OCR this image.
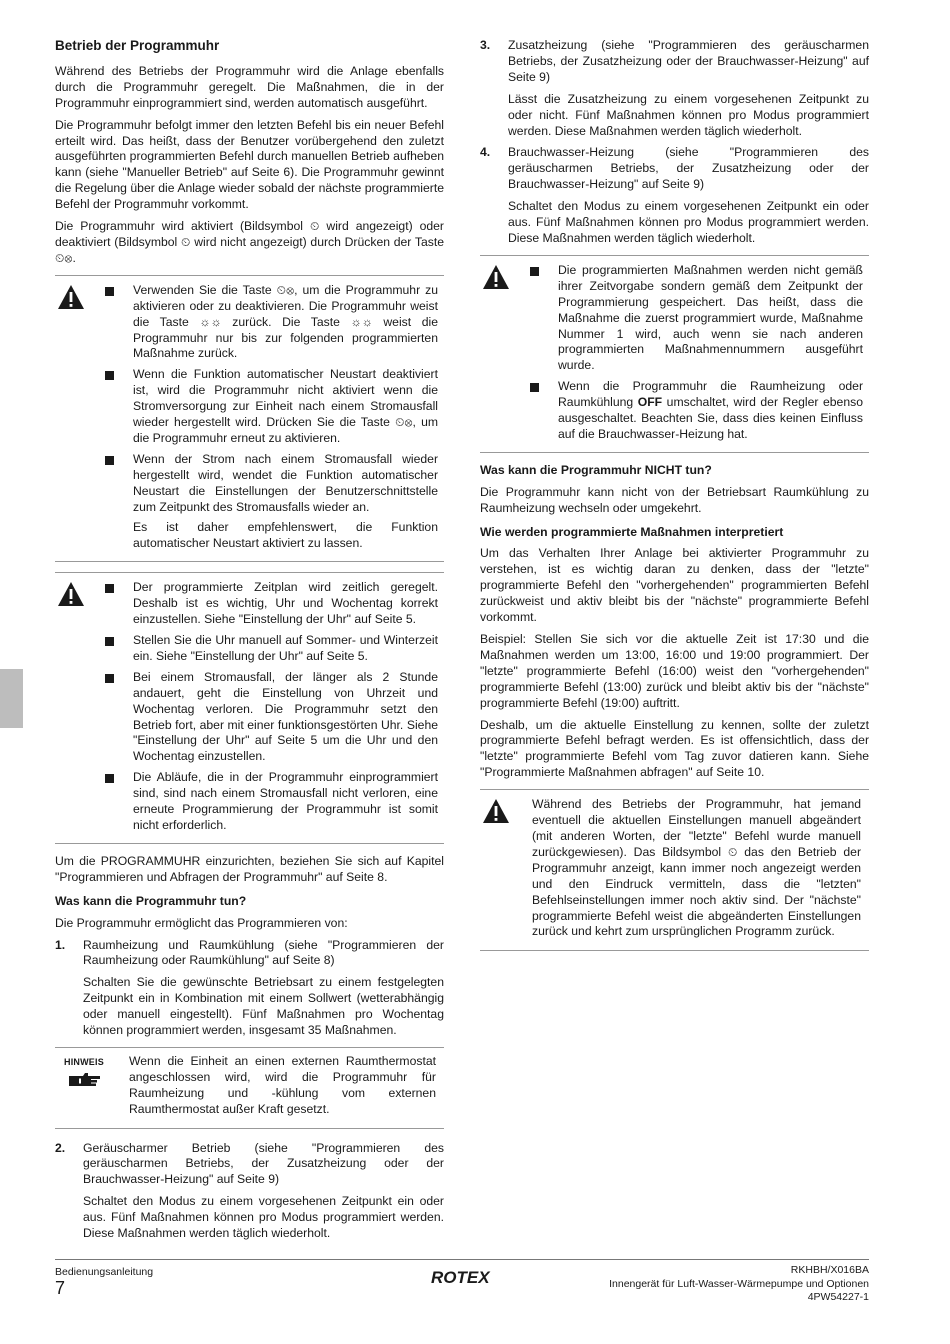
Betrieb der Programmuhr

Während des Betriebs der Programmuhr wird die Anlage ebenfalls durch die Programmuhr geregelt. Die Maßnahmen, die in der Programmuhr einprogrammiert sind, werden automatisch ausgeführt.

Die Programmuhr befolgt immer den letzten Befehl bis ein neuer Befehl erteilt wird. Das heißt, dass der Benutzer vorübergehend den zuletzt ausgeführten programmierten Befehl durch manuellen Betrieb aufheben kann (siehe "Manueller Betrieb" auf Seite 6). Die Programmuhr gewinnt die Regelung über die Anlage wieder sobald der nächste programmierte Befehl der Programmuhr vorkommt.

Die Programmuhr wird aktiviert (Bildsymbol ⏲ wird angezeigt) oder deaktiviert (Bildsymbol ⏲ wird nicht angezeigt) durch Drücken der Taste ⏲⊗.

Verwenden Sie die Taste ⏲⊗, um die Programmuhr zu aktivieren oder zu deaktivieren. Die Programmuhr weist die Taste ☼☼ zurück. Die Taste ☼☼ weist die Programmuhr nur bis zur folgenden programmierten Maßnahme zurück.

Wenn die Funktion automatischer Neustart deaktiviert ist, wird die Programmuhr nicht aktiviert wenn die Stromversorgung zur Einheit nach einem Stromausfall wieder hergestellt wird. Drücken Sie die Taste ⏲⊗, um die Programmuhr erneut zu aktivieren.

Wenn der Strom nach einem Stromausfall wieder hergestellt wird, wendet die Funktion automatischer Neustart die Einstellungen der Benutzerschnittstelle zum Zeitpunkt des Stromausfalls wieder an.

Es ist daher empfehlenswert, die Funktion automatischer Neustart aktiviert zu lassen.

Der programmierte Zeitplan wird zeitlich geregelt. Deshalb ist es wichtig, Uhr und Wochentag korrekt einzustellen. Siehe "Einstellung der Uhr" auf Seite 5.

Stellen Sie die Uhr manuell auf Sommer- und Winterzeit ein. Siehe "Einstellung der Uhr" auf Seite 5.

Bei einem Stromausfall, der länger als 2 Stunde andauert, geht die Einstellung von Uhrzeit und Wochentag verloren. Die Programmuhr setzt den Betrieb fort, aber mit einer funktionsgestörten Uhr. Siehe "Einstellung der Uhr" auf Seite 5 um die Uhr und den Wochentag einzustellen.

Die Abläufe, die in der Programmuhr einprogrammiert sind, sind nach einem Stromausfall nicht verloren, eine erneute Programmierung der Programmuhr ist somit nicht erforderlich.

Um die PROGRAMMUHR einzurichten, beziehen Sie sich auf Kapitel "Programmieren und Abfragen der Programmuhr" auf Seite 8.

Was kann die Programmuhr tun?

Die Programmuhr ermöglicht das Programmieren von:

1. Raumheizung und Raumkühlung (siehe "Programmieren der Raumheizung oder Raumkühlung" auf Seite 8)

Schalten Sie die gewünschte Betriebsart zu einem festgelegten Zeitpunkt ein in Kombination mit einem Sollwert (wetterabhängig oder manuell eingestellt). Fünf Maßnahmen pro Wochentag können programmiert werden, insgesamt 35 Maßnahmen.

HINWEIS Wenn die Einheit an einen externen Raumthermostat angeschlossen wird, wird die Programmuhr für Raumheizung und -kühlung vom externen Raumthermostat außer Kraft gesetzt.

2. Geräuscharmer Betrieb (siehe "Programmieren des geräuscharmen Betriebs, der Zusatzheizung oder der Brauchwasser-Heizung" auf Seite 9)

Schaltet den Modus zu einem vorgesehenen Zeitpunkt ein oder aus. Fünf Maßnahmen können pro Modus programmiert werden. Diese Maßnahmen werden täglich wiederholt.

3. Zusatzheizung (siehe "Programmieren des geräuscharmen Betriebs, der Zusatzheizung oder der Brauchwasser-Heizung" auf Seite 9)

Lässt die Zusatzheizung zu einem vorgesehenen Zeitpunkt zu oder nicht. Fünf Maßnahmen können pro Modus programmiert werden. Diese Maßnahmen werden täglich wiederholt.

4. Brauchwasser-Heizung (siehe "Programmieren des geräuscharmen Betriebs, der Zusatzheizung oder der Brauchwasser-Heizung" auf Seite 9)

Schaltet den Modus zu einem vorgesehenen Zeitpunkt ein oder aus. Fünf Maßnahmen können pro Modus programmiert werden. Diese Maßnahmen werden täglich wiederholt.

Die programmierten Maßnahmen werden nicht gemäß ihrer Zeitvorgabe sondern gemäß dem Zeitpunkt der Programmierung gespeichert. Das heißt, dass die Maßnahme die zuerst programmiert wurde, Maßnahme Nummer 1 wird, auch wenn sie nach anderen programmierten Maßnahmennummern ausgeführt wurde.

Wenn die Programmuhr die Raumheizung oder Raumkühlung OFF umschaltet, wird der Regler ebenso ausgeschaltet. Beachten Sie, dass dies keinen Einfluss auf die Brauchwasser-Heizung hat.

Was kann die Programmuhr NICHT tun?

Die Programmuhr kann nicht von der Betriebsart Raumkühlung zu Raumheizung wechseln oder umgekehrt.

Wie werden programmierte Maßnahmen interpretiert

Um das Verhalten Ihrer Anlage bei aktivierter Programmuhr zu verstehen, ist es wichtig daran zu denken, dass der "letzte" programmierte Befehl den "vorhergehenden" programmierten Befehl zurückweist und aktiv bleibt bis der "nächste" programmierte Befehl vorkommt.

Beispiel: Stellen Sie sich vor die aktuelle Zeit ist 17:30 und die Maßnahmen werden um 13:00, 16:00 und 19:00 programmiert. Der "letzte" programmierte Befehl (16:00) weist den "vorhergehenden" programmierte Befehl (13:00) zurück und bleibt aktiv bis der "nächste" programmierte Befehl (19:00) auftritt.

Deshalb, um die aktuelle Einstellung zu kennen, sollte der zuletzt programmierte Befehl befragt werden. Es ist offensichtlich, dass der "letzte" programmierte Befehl vom Tag zuvor datieren kann. Siehe "Programmierte Maßnahmen abfragen" auf Seite 10.

Während des Betriebs der Programmuhr, hat jemand eventuell die aktuellen Einstellungen manuell abgeändert (mit anderen Worten, der "letzte" Befehl wurde manuell zurückgewiesen). Das Bildsymbol ⏲ das den Betrieb der Programmuhr anzeigt, kann immer noch angezeigt werden und den Eindruck vermitteln, dass die "letzten" Befehlseinstellungen immer noch aktiv sind. Der "nächste" programmierte Befehl weist die abgeänderten Einstellungen zurück und kehrt zum ursprünglichen Programm zurück.

Bedienungsanleitung
7
ROTEX	RKHBH/X016BA
Innengerät für Luft-Wasser-Wärmepumpe und Optionen
4PW54227-1
